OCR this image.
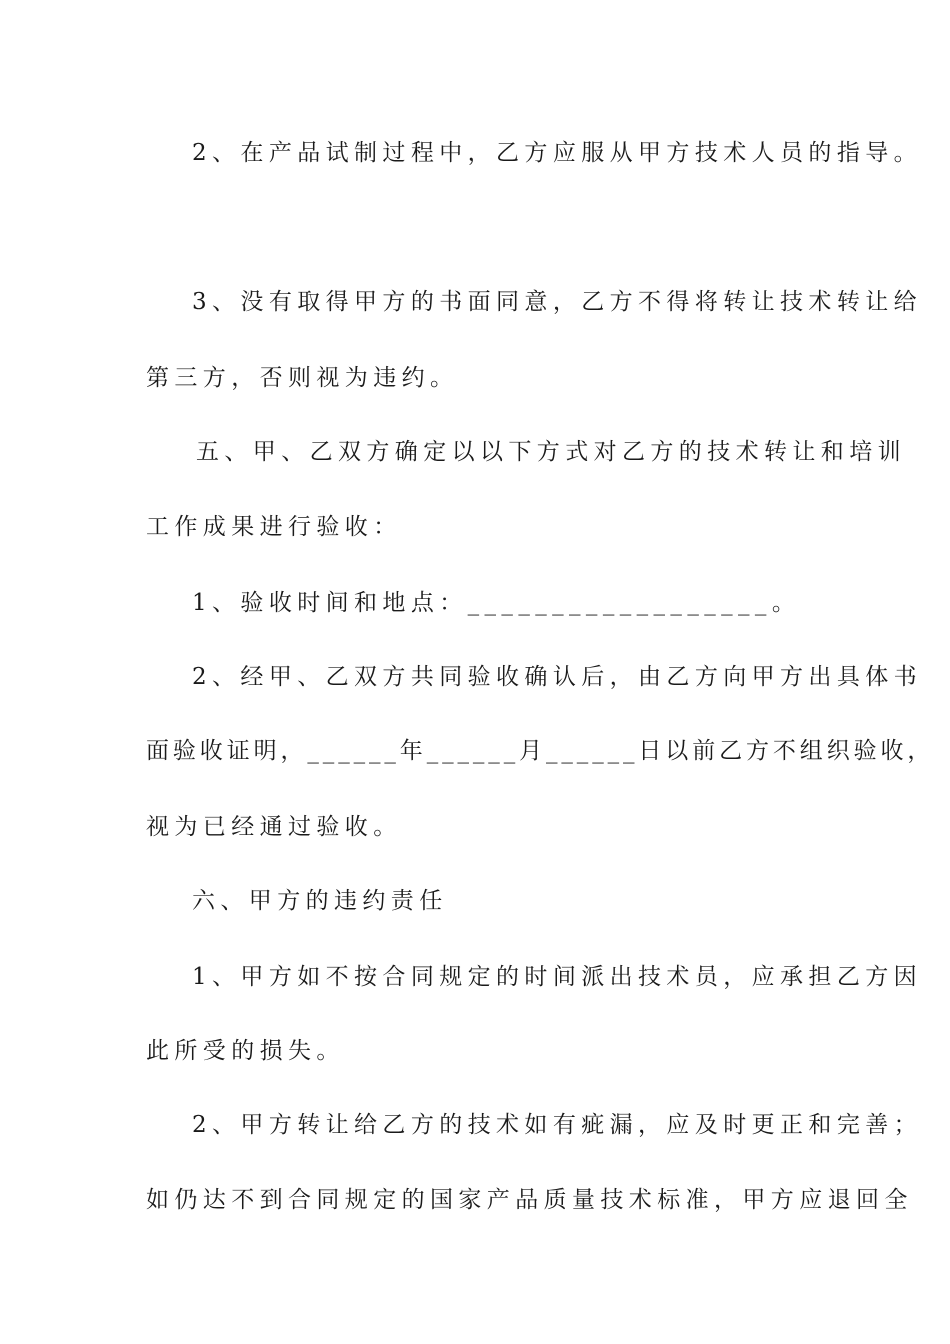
2、在产品试制过程中，乙方应服从甲方技术人员的指导。
3、没有取得甲方的书面同意，乙方不得将转让技术转让给
第三方，否则视为违约。
五、甲、乙双方确定以以下方式对乙方的技术转让和培训
工作成果进行验收：
1、验收时间和地点：__________________。
2、经甲、乙双方共同验收确认后，由乙方向甲方出具体书
面验收证明，______年______月______日以前乙方不组织验收，
视为已经通过验收。
六、甲方的违约责任
1、甲方如不按合同规定的时间派出技术员，应承担乙方因
此所受的损失。
2、甲方转让给乙方的技术如有疵漏，应及时更正和完善；
如仍达不到合同规定的国家产品质量技术标准，甲方应退回全
